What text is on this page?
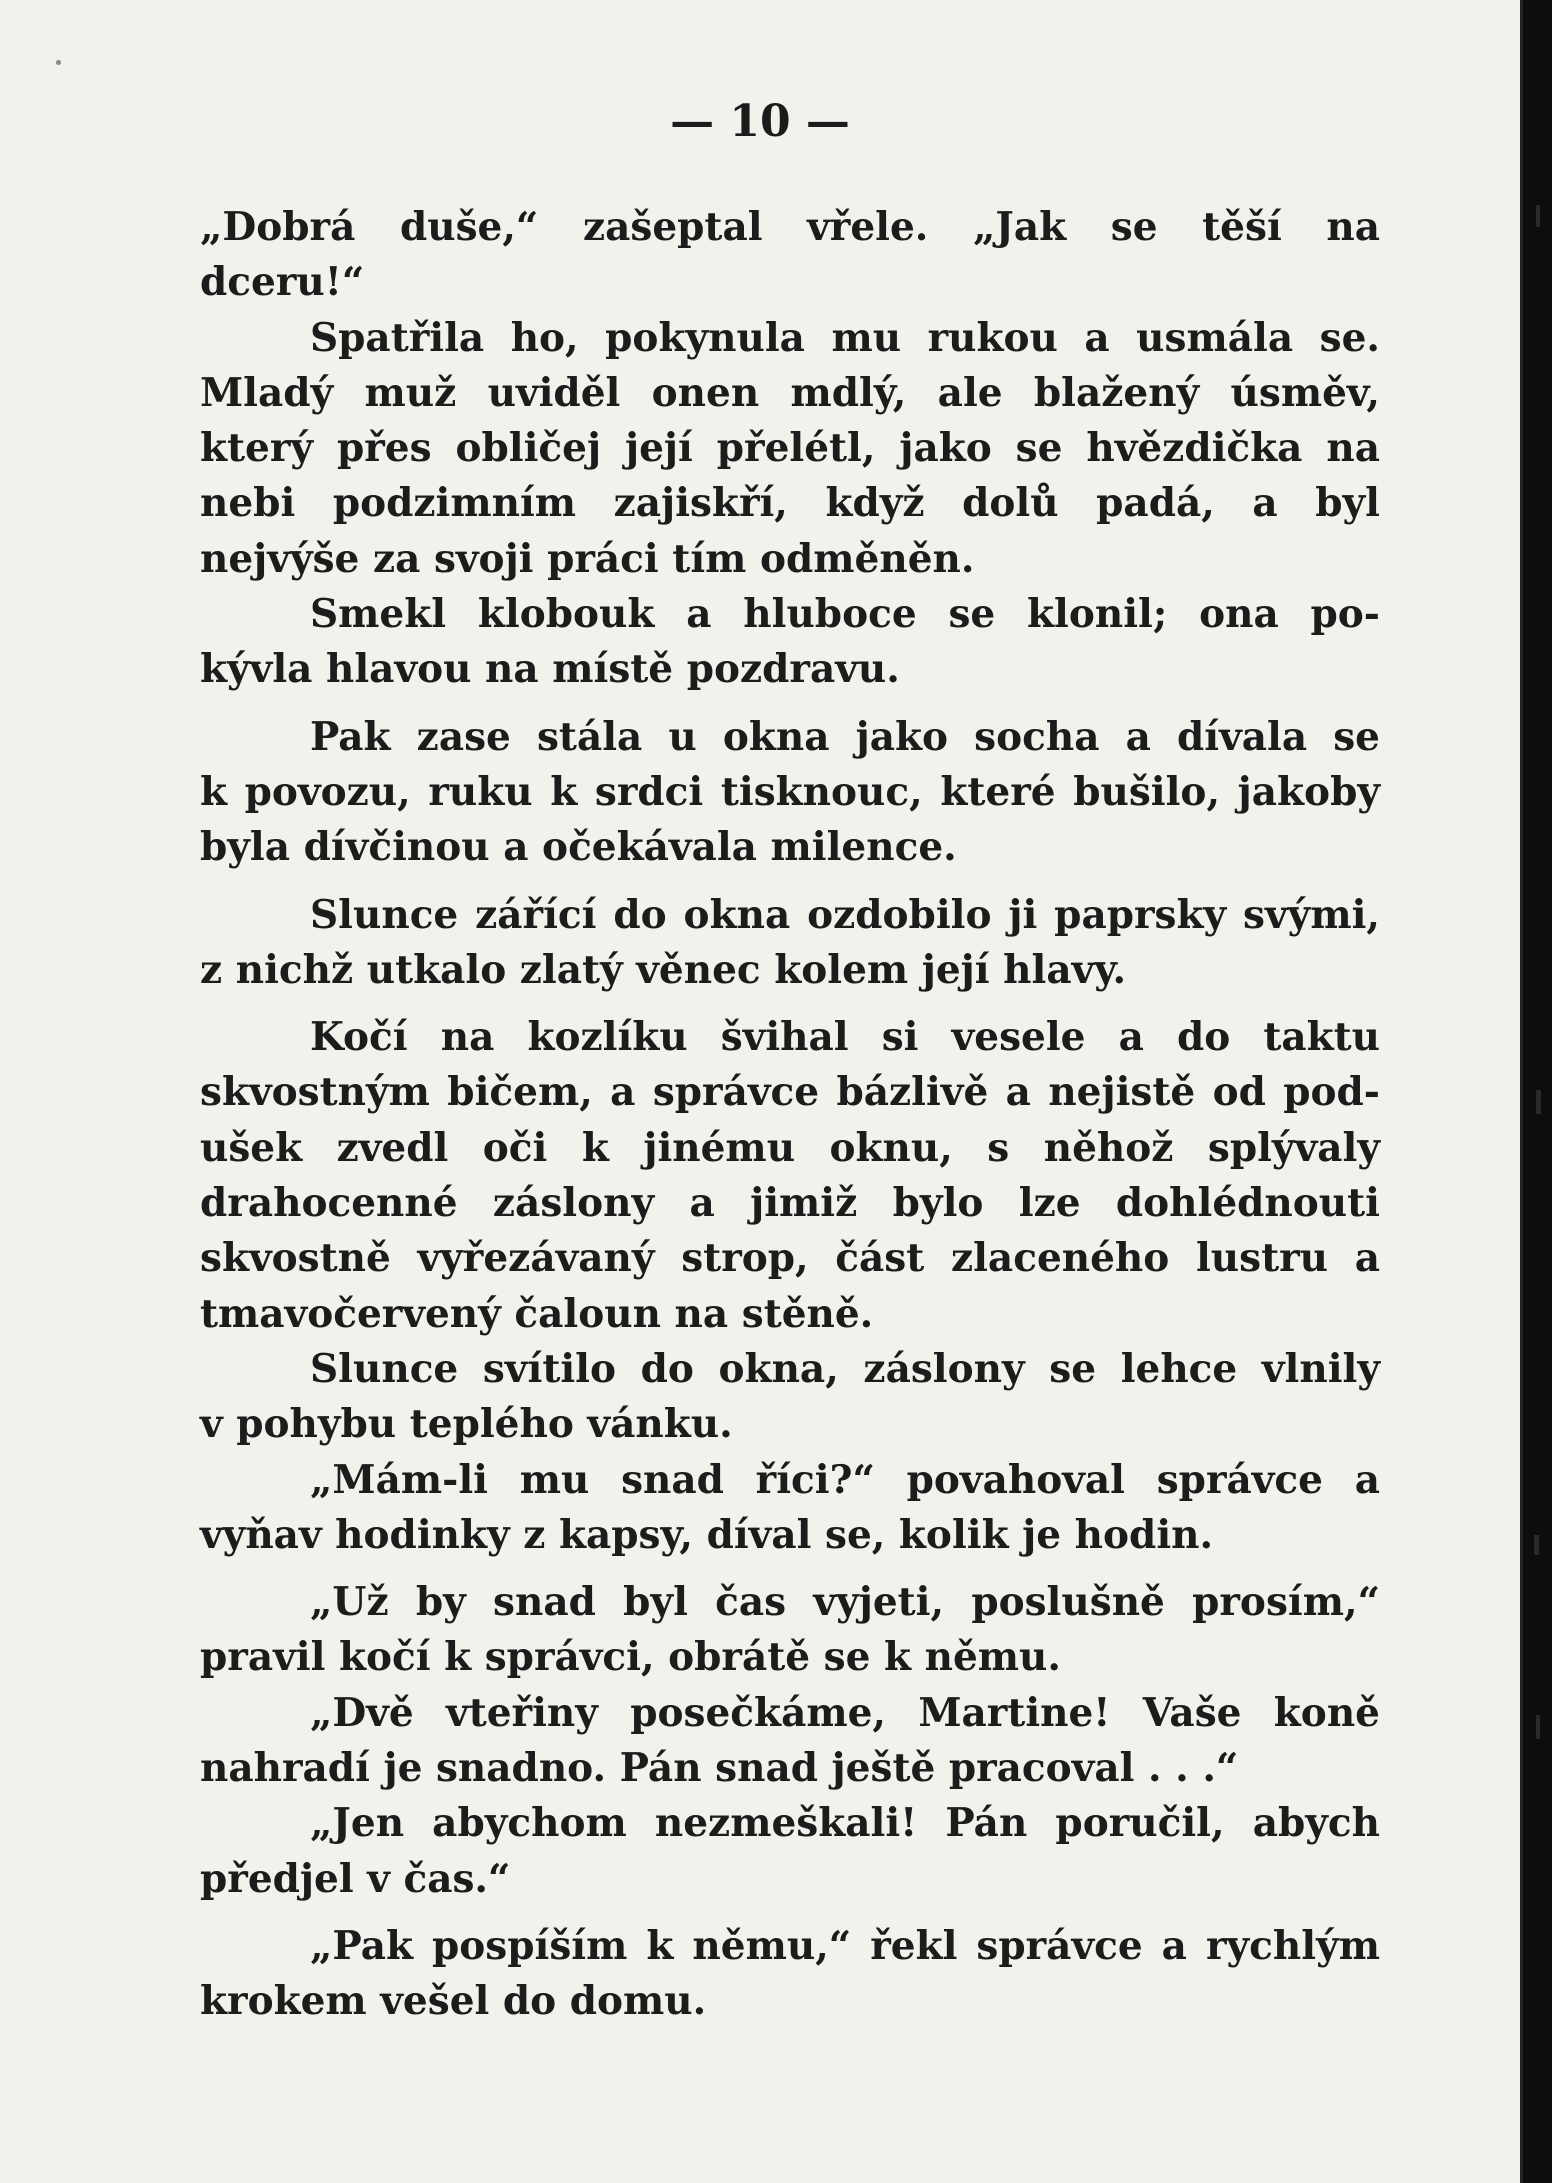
— 10 —
„Dobrá duše,“ zašeptal vřele. „Jak se těší na
dceru!“
Spatřila ho, pokynula mu rukou a usmála se.
Mladý muž uviděl onen mdlý, ale blažený úsměv,
který přes obličej její přelétl, jako se hvězdička na
nebi podzimním zajiskří, když dolů padá, a byl
nejvýše za svoji práci tím odměněn.
Smekl klobouk a hluboce se klonil; ona po-
kývla hlavou na místě pozdravu.
Pak zase stála u okna jako socha a dívala se
k povozu, ruku k srdci tisknouc, které bušilo, jakoby
byla dívčinou a očekávala milence.
Slunce zářící do okna ozdobilo ji paprsky svými,
z nichž utkalo zlatý věnec kolem její hlavy.
Kočí na kozlíku švihal si vesele a do taktu
skvostným bičem, a správce bázlivě a nejistě od pod-
ušek zvedl oči k jinému oknu, s něhož splývaly
drahocenné záslony a jimiž bylo lze dohlédnouti
skvostně vyřezávaný strop, část zlaceného lustru a
tmavočervený čaloun na stěně.
Slunce svítilo do okna, záslony se lehce vlnily
v pohybu teplého vánku.
„Mám-li mu snad říci?“ povahoval správce a
vyňav hodinky z kapsy, díval se, kolik je hodin.
„Už by snad byl čas vyjeti, poslušně prosím,“
pravil kočí k správci, obrátě se k němu.
„Dvě vteřiny posečkáme, Martine! Vaše koně
nahradí je snadno. Pán snad ještě pracoval . . .“
„Jen abychom nezmeškali! Pán poručil, abych
předjel v čas.“
„Pak pospíším k němu,“ řekl správce a rychlým
krokem vešel do domu.
